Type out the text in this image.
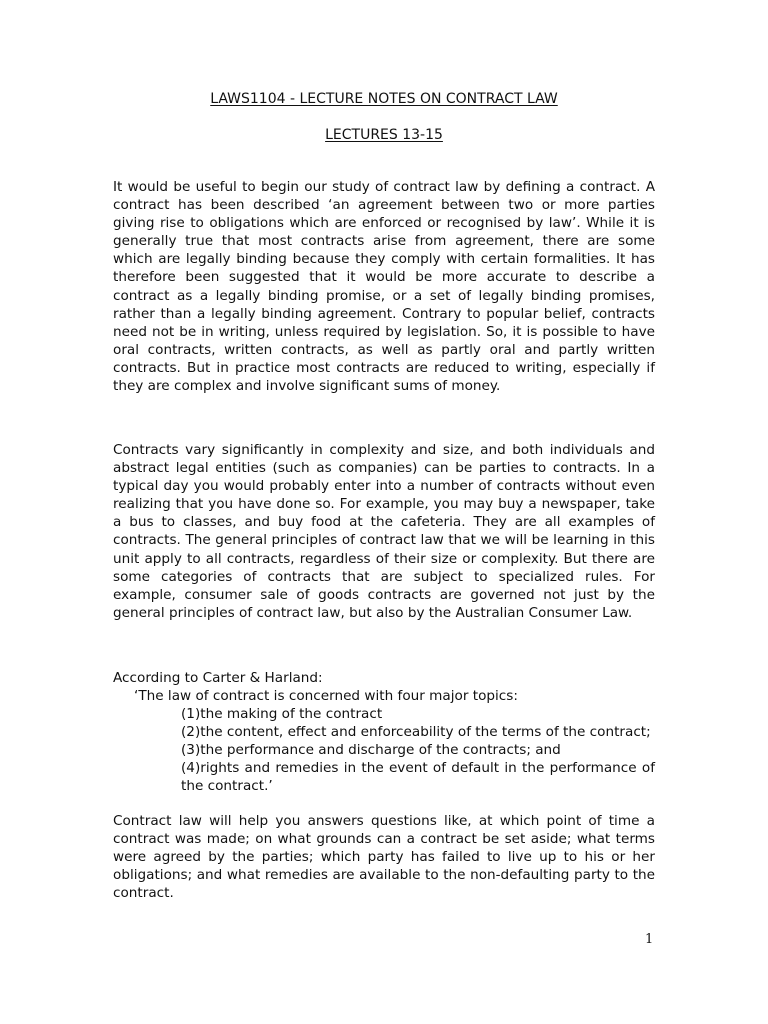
LAWS1104 - LECTURE NOTES ON CONTRACT LAW
LECTURES 13-15

It would be useful to begin our study of contract law by defining a contract. A contract has been described ‘an agreement between two or more parties giving rise to obligations which are enforced or recognised by law’. While it is generally true that most contracts arise from agreement, there are some which are legally binding because they comply with certain formalities. It has therefore been suggested that it would be more accurate to describe a contract as a legally binding promise, or a set of legally binding promises, rather than a legally binding agreement. Contrary to popular belief, contracts need not be in writing, unless required by legislation. So, it is possible to have oral contracts, written contracts, as well as partly oral and partly written contracts. But in practice most contracts are reduced to writing, especially if they are complex and involve significant sums of money.

Contracts vary significantly in complexity and size, and both individuals and abstract legal entities (such as companies) can be parties to contracts. In a typical day you would probably enter into a number of contracts without even realizing that you have done so. For example, you may buy a newspaper, take a bus to classes, and buy food at the cafeteria. They are all examples of contracts. The general principles of contract law that we will be learning in this unit apply to all contracts, regardless of their size or complexity. But there are some categories of contracts that are subject to specialized rules. For example, consumer sale of goods contracts are governed not just by the general principles of contract law, but also by the Australian Consumer Law.

According to Carter & Harland:

‘The law of contract is concerned with four major topics:

(1)the making of the contract
(2)the content, effect and enforceability of the terms of the contract;
(3)the performance and discharge of the contracts; and
(4)rights and remedies in the event of default in the performance of the contract.’

Contract law will help you answers questions like, at which point of time a contract was made; on what grounds can a contract be set aside; what terms were agreed by the parties; which party has failed to live up to his or her obligations; and what remedies are available to the non-defaulting party to the contract.

1
